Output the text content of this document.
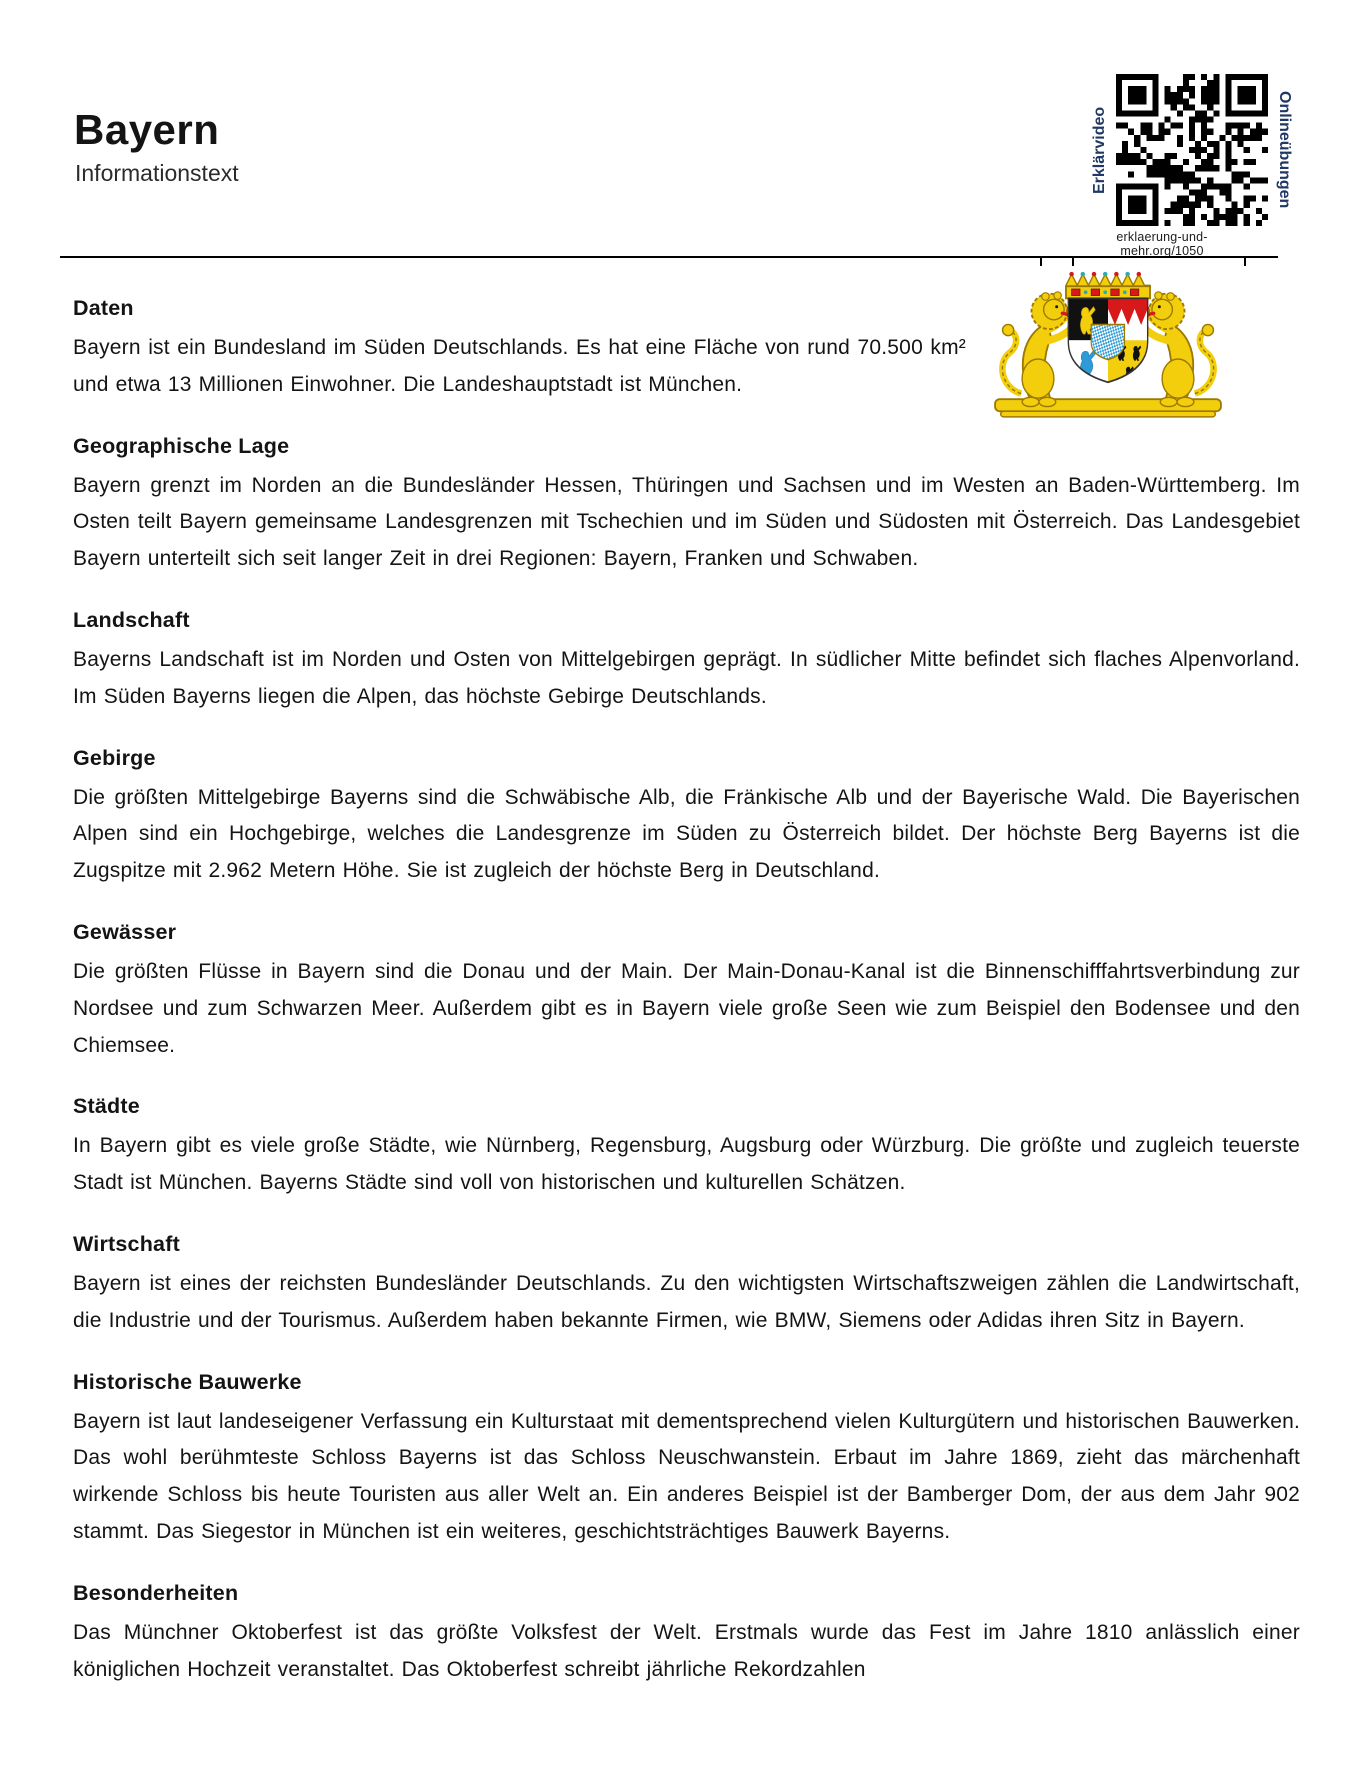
Bayern
Informationstext	Erklärvideo	Onlineübungen
erklaerung-und-mehr.org/1050
Daten

Bayern ist ein Bundesland im Süden Deutschlands. Es hat eine Fläche von rund 70.500 km² und etwa 13 Millionen Einwohner. Die Landeshauptstadt ist München.

Geographische Lage

Bayern grenzt im Norden an die Bundesländer Hessen, Thüringen und Sachsen und im Westen an Baden-Württemberg. Im Osten teilt Bayern gemeinsame Landesgrenzen mit Tschechien und im Süden und Südosten mit Österreich. Das Landesgebiet Bayern unterteilt sich seit langer Zeit in drei Regionen: Bayern, Franken und Schwaben.

Landschaft

Bayerns Landschaft ist im Norden und Osten von Mittelgebirgen geprägt. In südlicher Mitte befindet sich flaches Alpenvorland. Im Süden Bayerns liegen die Alpen, das höchste Gebirge Deutschlands.

Gebirge

Die größten Mittelgebirge Bayerns sind die Schwäbische Alb, die Fränkische Alb und der Bayerische Wald. Die Bayerischen Alpen sind ein Hochgebirge, welches die Landesgrenze im Süden zu Österreich bildet. Der höchste Berg Bayerns ist die Zugspitze mit 2.962 Metern Höhe. Sie ist zugleich der höchste Berg in Deutschland.

Gewässer

Die größten Flüsse in Bayern sind die Donau und der Main. Der Main-Donau-Kanal ist die Binnenschifffahrtsverbindung zur Nordsee und zum Schwarzen Meer. Außerdem gibt es in Bayern viele große Seen wie zum Beispiel den Bodensee und den Chiemsee.

Städte

In Bayern gibt es viele große Städte, wie Nürnberg, Regensburg, Augsburg oder Würzburg. Die größte und zugleich teuerste Stadt ist München. Bayerns Städte sind voll von historischen und kulturellen Schätzen.

Wirtschaft

Bayern ist eines der reichsten Bundesländer Deutschlands. Zu den wichtigsten Wirtschaftszweigen zählen die Landwirtschaft, die Industrie und der Tourismus. Außerdem haben bekannte Firmen, wie BMW, Siemens oder Adidas ihren Sitz in Bayern.

Historische Bauwerke

Bayern ist laut landeseigener Verfassung ein Kulturstaat mit dementsprechend vielen Kulturgütern und historischen Bauwerken. Das wohl berühmteste Schloss Bayerns ist das Schloss Neuschwanstein. Erbaut im Jahre 1869, zieht das märchenhaft wirkende Schloss bis heute Touristen aus aller Welt an. Ein anderes Beispiel ist der Bamberger Dom, der aus dem Jahr 902 stammt. Das Siegestor in München ist ein weiteres, geschichtsträchtiges Bauwerk Bayerns.

Besonderheiten

Das Münchner Oktoberfest ist das größte Volksfest der Welt. Erstmals wurde das Fest im Jahre 1810 anlässlich einer königlichen Hochzeit veranstaltet. Das Oktoberfest schreibt jährliche Rekordzahlen
